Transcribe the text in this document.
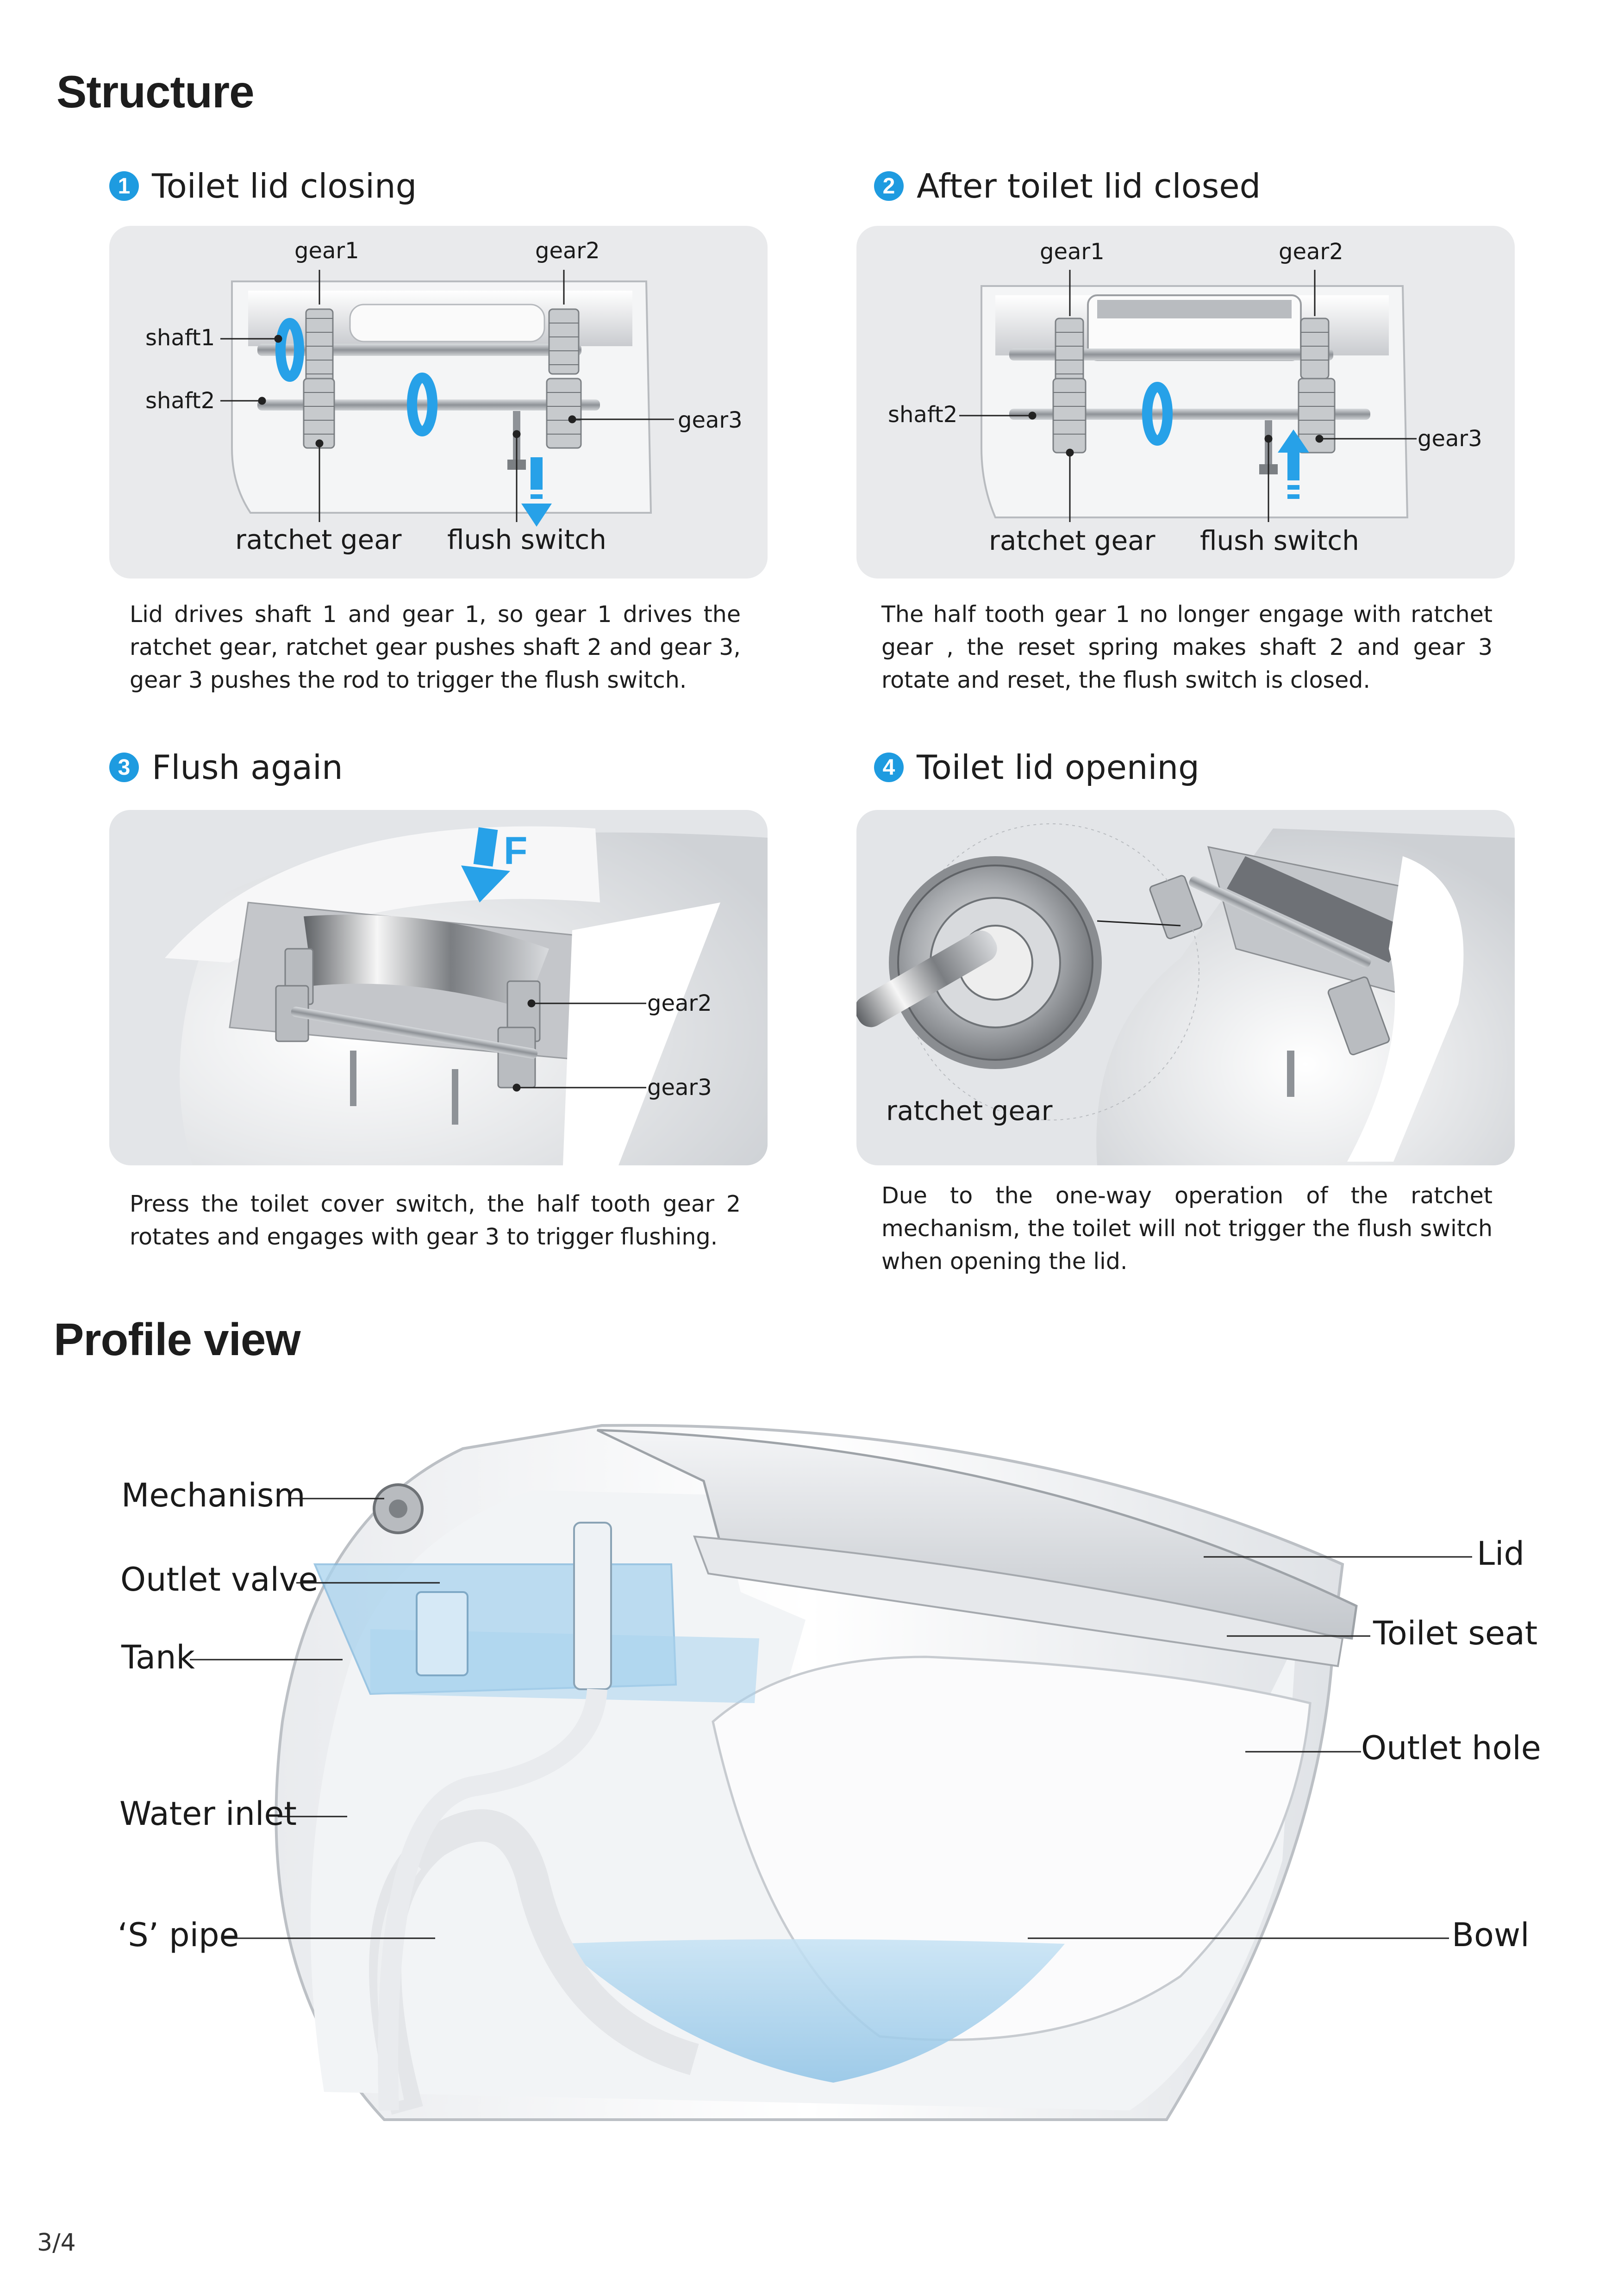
Structure
1 Toilet lid closing
gear1	gear2
shaft1
shaft2
gear3
ratchet gear flush switch
Lid drives shaft 1 and gear 1, so gear 1 drives the ratchet gear, ratchet gear pushes shaft 2 and gear 3, gear 3 pushes the rod to trigger the flush switch.
2 After toilet lid closed
gear1	gear2
shaft2
gear3
ratchet gear flush switch
The half tooth gear 1 no longer engage with ratchet gear , the reset spring makes shaft 2 and gear 3 rotate and reset, the flush switch is closed.
3 Flush again
F
gear2
gear3
Press the toilet cover switch, the half tooth gear 2 rotates and engages with gear 3 to trigger flushing.
4 Toilet lid opening
ratchet gear
Due to the one-way operation of the ratchet mechanism, the toilet will not trigger the flush switch when opening the lid.
Profile view
Mechanism
Outlet valve
Tank
Water inlet
‘S’ pipe
Lid
Toilet seat
Outlet hole
Bowl
3/4
